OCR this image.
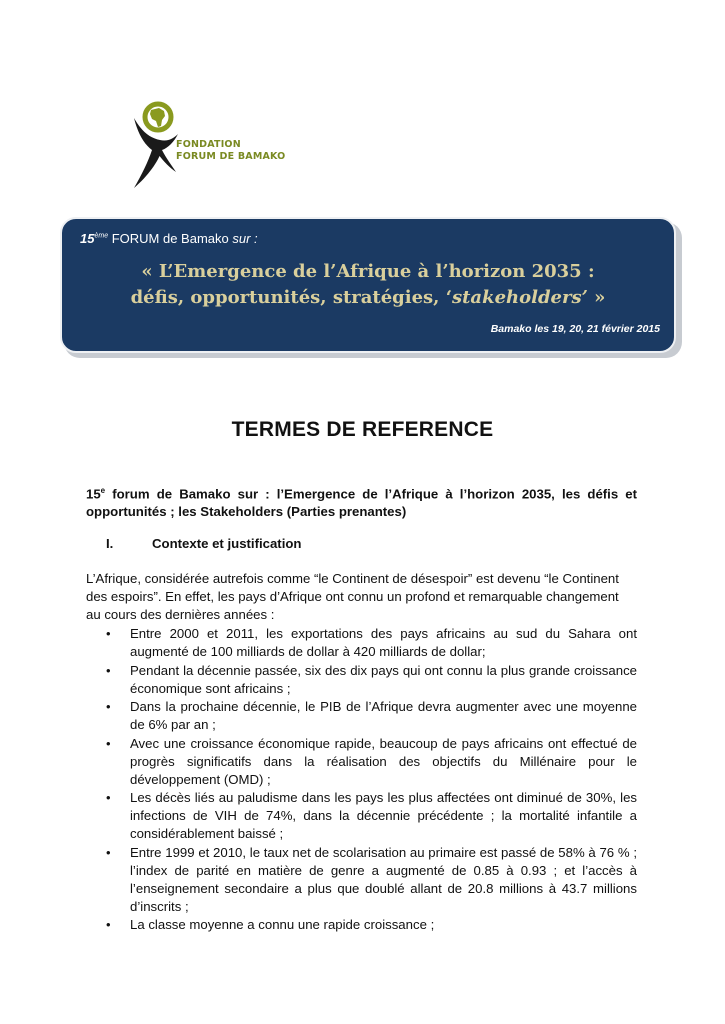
FONDATION
FORUM DE BAMAKO
15ème FORUM de Bamako sur :
« L’Emergence de l’Afrique à l’horizon 2035 :
défis, opportunités, stratégies, ‘stakeholders’ »
Bamako les 19, 20, 21 février 2015
TERMES DE REFERENCE
15e forum de Bamako sur : l’Emergence de l’Afrique à l’horizon 2035, les défis et opportunités ; les Stakeholders (Parties prenantes)
I.	Contexte et justification
L’Afrique, considérée autrefois comme “le Continent de désespoir” est devenu “le Continent des espoirs”. En effet, les pays d’Afrique ont connu un profond et remarquable changement au cours des dernières années :
• Entre 2000 et 2011, les exportations des pays africains au sud du Sahara ont augmenté de 100 milliards de dollar à 420 milliards de dollar;
• Pendant la décennie passée, six des dix pays qui ont connu la plus grande croissance économique sont africains ;
• Dans la prochaine décennie, le PIB de l’Afrique devra augmenter avec une moyenne de 6% par an ;
• Avec une croissance économique rapide, beaucoup de pays africains ont effectué de progrès significatifs dans la réalisation des objectifs du Millénaire pour le développement (OMD) ;
• Les décès liés au paludisme dans les pays les plus affectées ont diminué de 30%, les infections de VIH de 74%, dans la décennie précédente ; la mortalité infantile a considérablement baissé ;
• Entre 1999 et 2010, le taux net de scolarisation au primaire est passé de 58% à 76 % ; l’index de parité en matière de genre a augmenté de 0.85 à 0.93 ; et l’accès à l’enseignement secondaire a plus que doublé allant de 20.8 millions à 43.7 millions d’inscrits ;
• La classe moyenne a connu une rapide croissance ;
